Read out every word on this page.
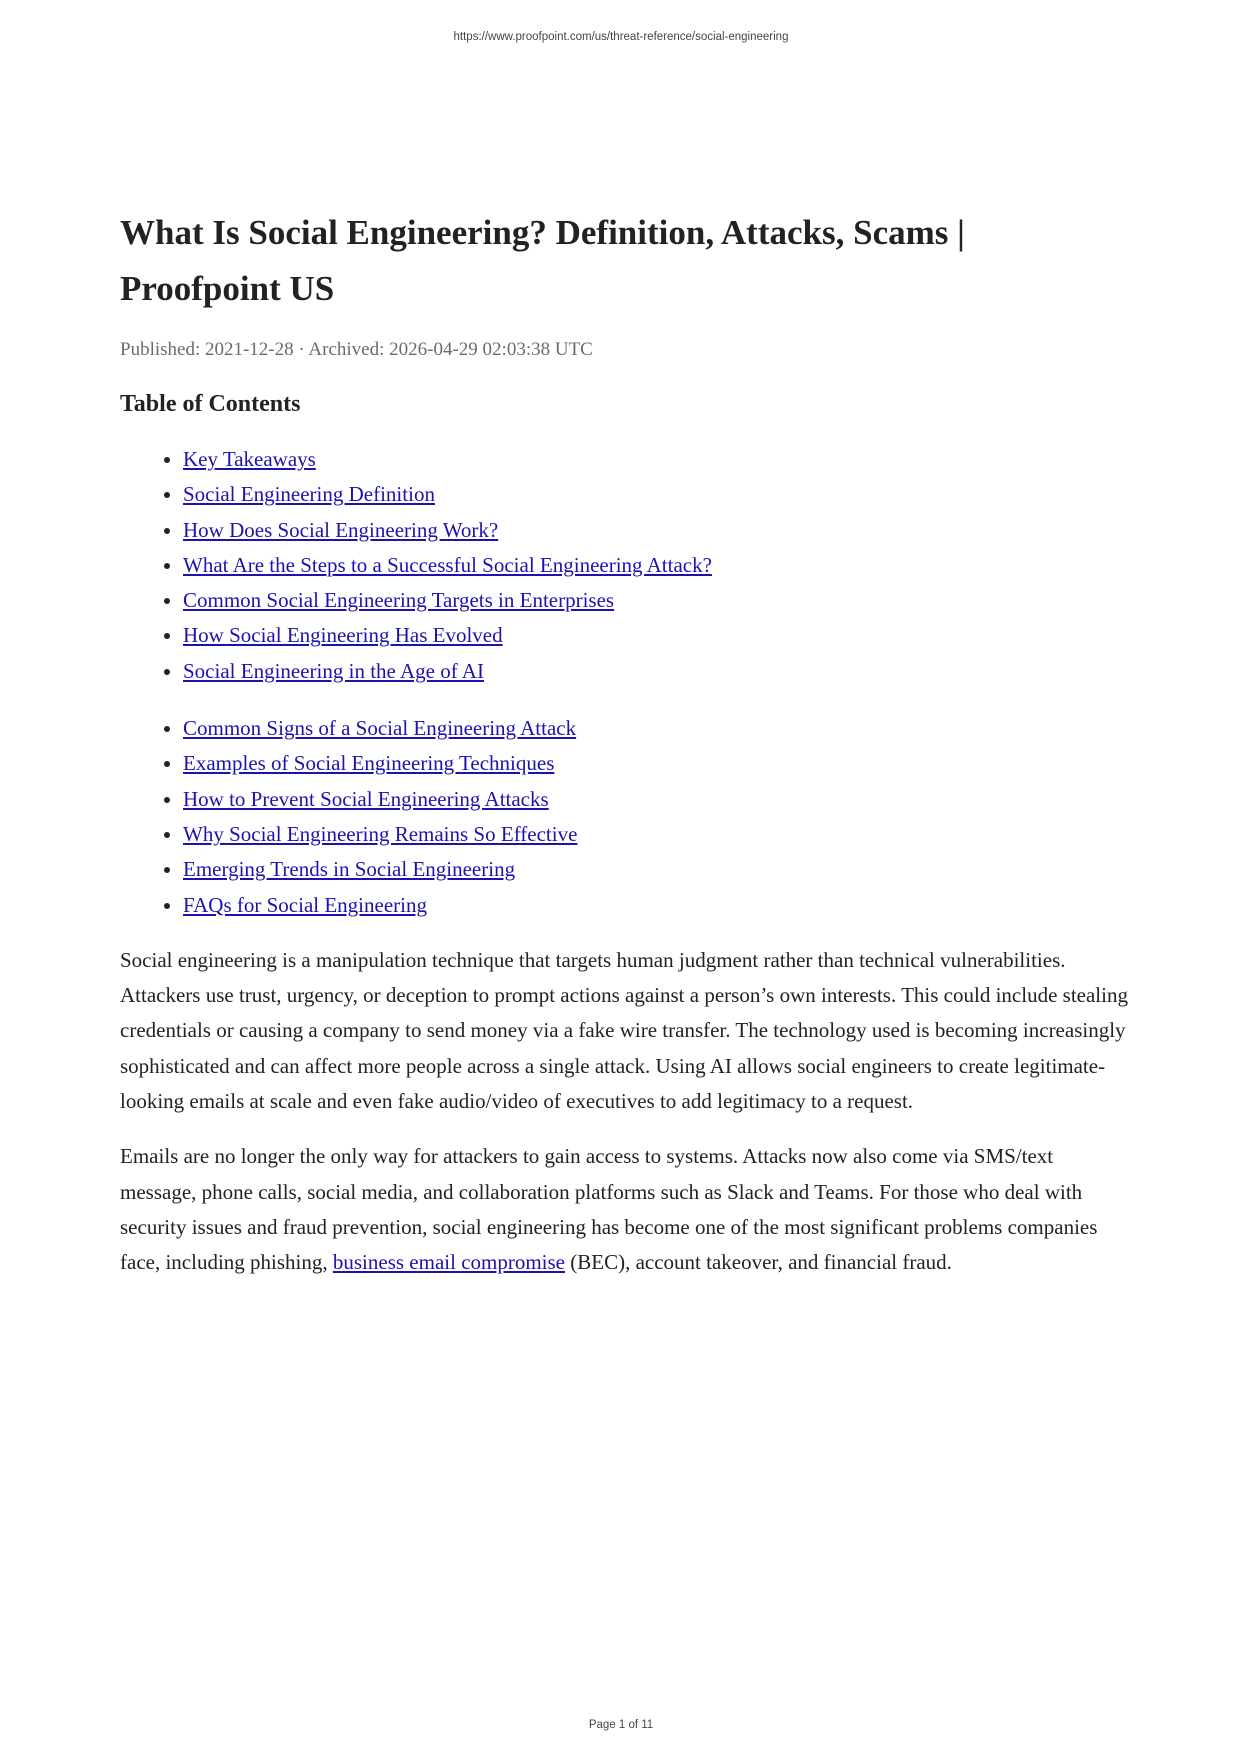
https://www.proofpoint.com/us/threat-reference/social-engineering
What Is Social Engineering? Definition, Attacks, Scams | Proofpoint US
Published: 2021-12-28 · Archived: 2026-04-29 02:03:38 UTC
Table of Contents
• Key Takeaways
• Social Engineering Definition
• How Does Social Engineering Work?
• What Are the Steps to a Successful Social Engineering Attack?
• Common Social Engineering Targets in Enterprises
• How Social Engineering Has Evolved
• Social Engineering in the Age of AI
• Common Signs of a Social Engineering Attack
• Examples of Social Engineering Techniques
• How to Prevent Social Engineering Attacks
• Why Social Engineering Remains So Effective
• Emerging Trends in Social Engineering
• FAQs for Social Engineering

Social engineering is a manipulation technique that targets human judgment rather than technical vulnerabilities. Attackers use trust, urgency, or deception to prompt actions against a person’s own interests. This could include stealing credentials or causing a company to send money via a fake wire transfer. The technology used is becoming increasingly sophisticated and can affect more people across a single attack. Using AI allows social engineers to create legitimate-looking emails at scale and even fake audio/video of executives to add legitimacy to a request.

Emails are no longer the only way for attackers to gain access to systems. Attacks now also come via SMS/text message, phone calls, social media, and collaboration platforms such as Slack and Teams. For those who deal with security issues and fraud prevention, social engineering has become one of the most significant problems companies face, including phishing, business email compromise (BEC), account takeover, and financial fraud.

Page 1 of 11
